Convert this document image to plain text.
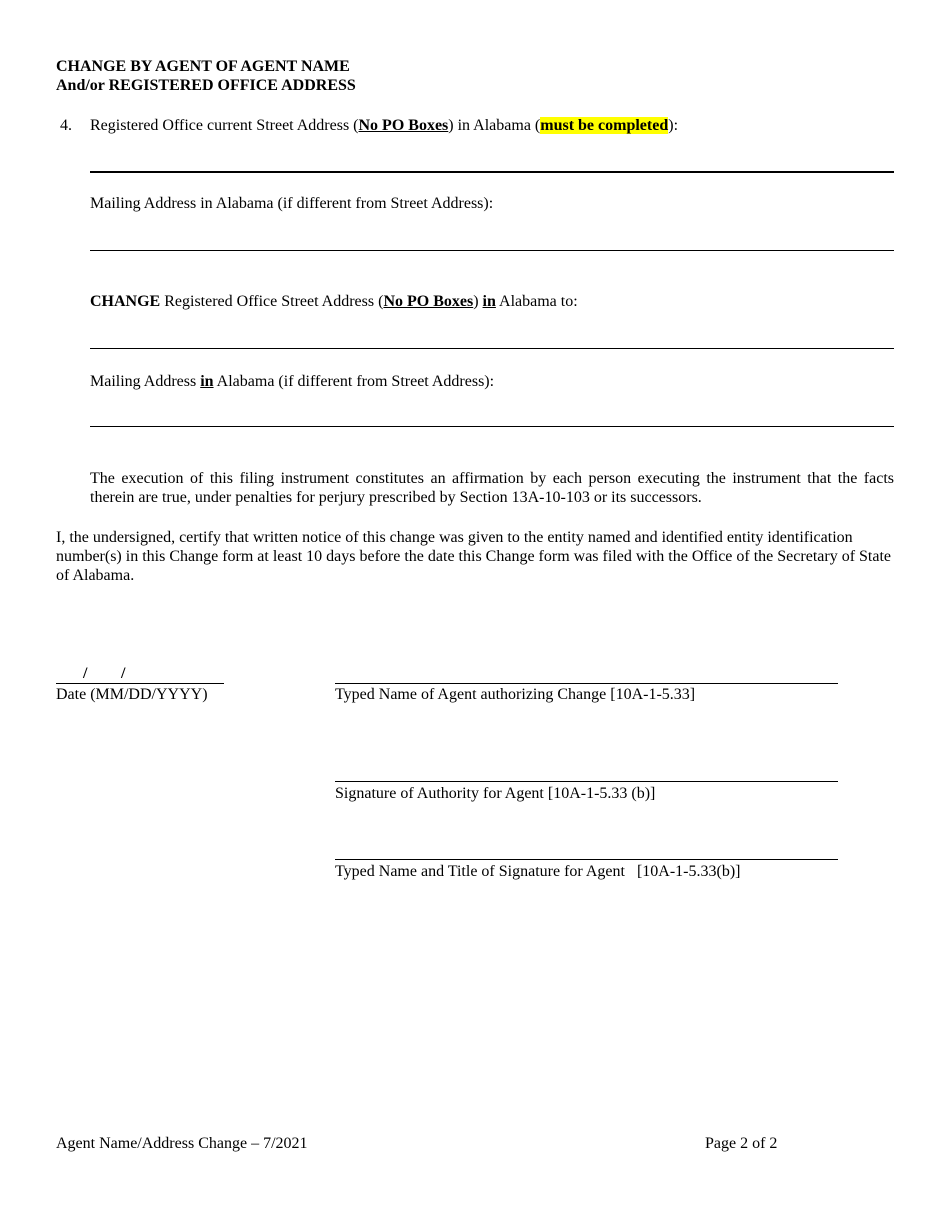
CHANGE BY AGENT OF AGENT NAME
And/or REGISTERED OFFICE ADDRESS
4. Registered Office current Street Address (No PO Boxes) in Alabama (must be completed):
Mailing Address in Alabama (if different from Street Address):
CHANGE Registered Office Street Address (No PO Boxes) in Alabama to:
Mailing Address in Alabama (if different from Street Address):
The execution of this filing instrument constitutes an affirmation by each person executing the instrument that the facts therein are true, under penalties for perjury prescribed by Section 13A-10-103 or its successors.
I, the undersigned, certify that written notice of this change was given to the entity named and identified entity identification number(s) in this Change form at least 10 days before the date this Change form was filed with the Office of the Secretary of State of Alabama.
/ /
Date (MM/DD/YYYY)	Typed Name of Agent authorizing Change [10A-1-5.33]
Signature of Authority for Agent [10A-1-5.33 (b)]
Typed Name and Title of Signature for Agent   [10A-1-5.33(b)]
Agent Name/Address Change – 7/2021	Page 2 of 2
